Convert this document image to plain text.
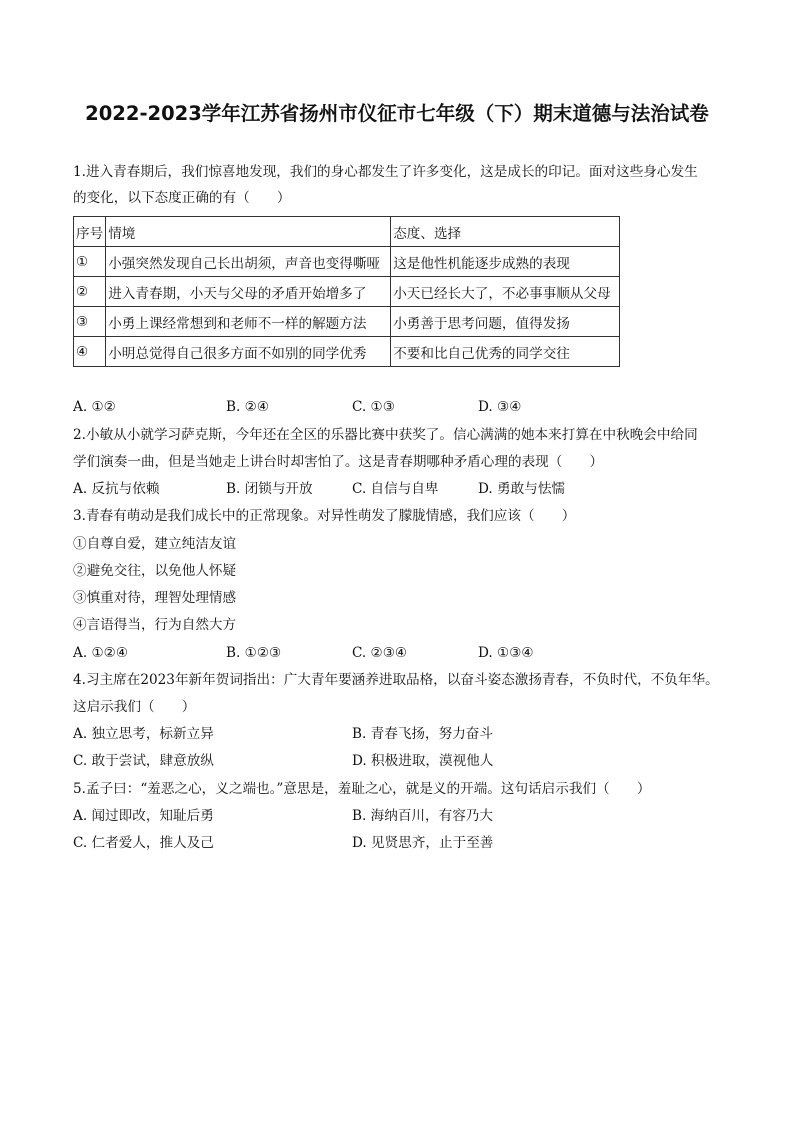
2022-2023学年江苏省扬州市仪征市七年级（下）期末道德与法治试卷
1.进入青春期后，我们惊喜地发现，我们的身心都发生了许多变化，这是成长的印记。面对这些身心发生
的变化，以下态度正确的有（　　）
序号	情境	态度、选择
①	小强突然发现自己长出胡须，声音也变得嘶哑	这是他性机能逐步成熟的表现
②	进入青春期，小天与父母的矛盾开始增多了	小天已经长大了，不必事事顺从父母
③	小勇上课经常想到和老师不一样的解题方法	小勇善于思考问题，值得发扬
④	小明总觉得自己很多方面不如别的同学优秀	不要和比自己优秀的同学交往
A. ①②	B. ②④	C. ①③	D. ③④
2.小敏从小就学习萨克斯，今年还在全区的乐器比赛中获奖了。信心满满的她本来打算在中秋晚会中给同
学们演奏一曲，但是当她走上讲台时却害怕了。这是青春期哪种矛盾心理的表现（　　）
A. 反抗与依赖	B. 闭锁与开放	C. 自信与自卑	D. 勇敢与怯懦
3.青春有萌动是我们成长中的正常现象。对异性萌发了朦胧情感，我们应该（　　）
①自尊自爱，建立纯洁友谊
②避免交往，以免他人怀疑
③慎重对待，理智处理情感
④言语得当，行为自然大方
A. ①②④	B. ①②③	C. ②③④	D. ①③④
4.习主席在2023年新年贺词指出：广大青年要涵养进取品格，以奋斗姿态激扬青春，不负时代，不负年华。
这启示我们（　　）
A. 独立思考，标新立异	B. 青春飞扬，努力奋斗
C. 敢于尝试，肆意放纵	D. 积极进取，漠视他人
5.孟子曰：“羞恶之心，义之端也。”意思是，羞耻之心，就是义的开端。这句话启示我们（　　）
A. 闻过即改，知耻后勇	B. 海纳百川，有容乃大
C. 仁者爱人，推人及己	D. 见贤思齐，止于至善
